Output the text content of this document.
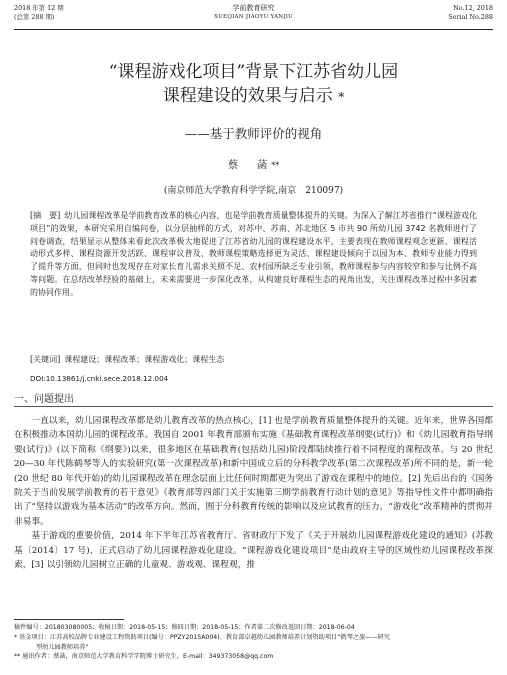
2018 年第 12 期
(总第 288 期)
学前教育研究
XUEQIAN JIAOYU YANJIU
No.12, 2018
Serial No.288
“课程游戏化项目”背景下江苏省幼儿园
课程建设的效果与启示 *
——基于教师评价的视角
蔡　菡**
(南京师范大学教育科学学院,南京　210097)
[摘　要] 幼儿园课程改革是学前教育改革的核心内容，也是学前教育质量整体提升的关键。为深入了解江苏省推行“课程游戏化项目”的效果，本研究采用自编问卷，以分层抽样的方式，对苏中、苏南、苏北地区 5 市共 90 所幼儿园 3742 名教师进行了问卷调查，结果显示从整体来看此次改革极大地促进了江苏省幼儿园的课程建设水平，主要表现在教师课程观念更新、课程活动形式多样、课程资源开发活跃、课程审议普及、教师课程策略选择更为灵活、课程建设倾向于以园为本、教师专业能力得到了提升等方面，但同时也发现存在对家长育儿需求关照不足、农村园所缺乏专业引领、教师课程参与内容较窄和参与比例不高等问题。在总结改革经验的基础上，未来需要进一步深化改革，从构建良好课程生态的视角出发，关注课程改革过程中多因素的协同作用。
[关键词] 课程建设；课程改革；课程游戏化；课程生态
DOI:10.13861/j.cnki.sece.2018.12.004
一、问题提出

一直以来，幼儿园课程改革都是幼儿教育改革的热点核心，[1] 也是学前教育质量整体提升的关键。近年来，世界各国都在积极推动本国幼儿园的课程改革。我国自 2001 年教育部颁布实施《基础教育课程改革纲要(试行)》和《幼儿园教育指导纲要(试行)》(以下简称《纲要》)以来，很多地区在基础教育(包括幼儿园)阶段都陆续推行着不同程度的课程改革。与 20 世纪 20—30 年代陈鹤琴等人的实验研究(第一次课程改革)和新中国成立后的分科教学改革(第二次课程改革)所不同的是，新一轮(20 世纪 80 年代开始)的幼儿园课程改革在理念层面上比任何时期都更为突出了游戏在课程中的地位。[2] 先后出台的《国务院关于当前发展学前教育的若干意见》《教育部等四部门关于实施第三期学前教育行动计划的意见》等指导性文件中都明确指出了“坚持以游戏为基本活动”的改革方向。然而，囿于分科教育传统的影响以及应试教育的压力，“游戏化”改革精神的贯彻并非易事。

基于游戏的重要价值，2014 年下半年江苏省教育厅、省财政厅下发了《关于开展幼儿园课程游戏化建设的通知》(苏教基〔2014〕17 号)，正式启动了幼儿园课程游戏化建设。“课程游戏化建设项目”是由政府主导的区域性幼儿园课程改革探索，[3] 以引领幼儿园树立正确的儿童观、游戏观、课程观，推

稿件编号：201803080005；收稿日期：2018-05-15；修回日期：2018-05-15；作者第二次修改返回日期：2018-06-04
* 基金项目：江苏高校品牌专业建设工程资助项目(编号：PPZY2015A004)、教育部卓越幼儿园教师培养计划资助项目“鹤琴之旅——研究
型幼儿园教师培养”
** 通讯作者：蔡菡，南京师范大学教育科学学院博士研究生，E-mail：349373058@qq.com
